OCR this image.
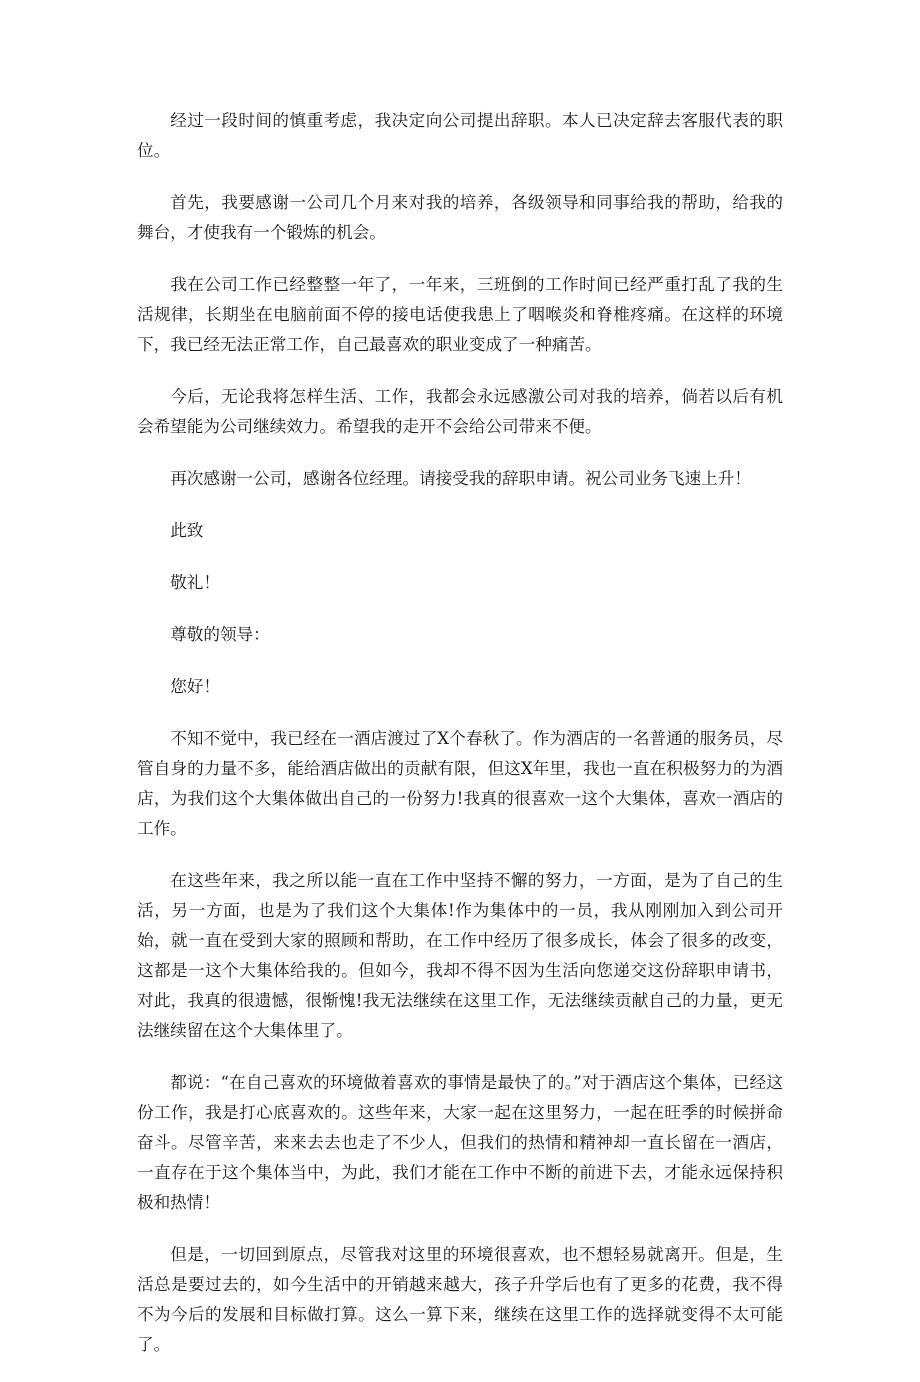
经过一段时间的慎重考虑，我决定向公司提出辞职。本人已决定辞去客服代表的职位。

首先，我要感谢一公司几个月来对我的培养，各级领导和同事给我的帮助，给我的舞台，才使我有一个锻炼的机会。

我在公司工作已经整整一年了，一年来，三班倒的工作时间已经严重打乱了我的生活规律，长期坐在电脑前面不停的接电话使我患上了咽喉炎和脊椎疼痛。在这样的环境下，我已经无法正常工作，自己最喜欢的职业变成了一种痛苦。

今后，无论我将怎样生活、工作，我都会永远感激公司对我的培养，倘若以后有机会希望能为公司继续效力。希望我的走开不会给公司带来不便。

再次感谢一公司，感谢各位经理。请接受我的辞职申请。祝公司业务飞速上升！

此致

敬礼！

尊敬的领导：

您好！

不知不觉中，我已经在一酒店渡过了X个春秋了。作为酒店的一名普通的服务员，尽管自身的力量不多，能给酒店做出的贡献有限，但这X年里，我也一直在积极努力的为酒店，为我们这个大集体做出自己的一份努力!我真的很喜欢一这个大集体，喜欢一酒店的工作。

在这些年来，我之所以能一直在工作中坚持不懈的努力，一方面，是为了自己的生活，另一方面，也是为了我们这个大集体!作为集体中的一员，我从刚刚加入到公司开始，就一直在受到大家的照顾和帮助，在工作中经历了很多成长，体会了很多的改变，这都是一这个大集体给我的。但如今，我却不得不因为生活向您递交这份辞职申请书，对此，我真的很遗憾，很惭愧!我无法继续在这里工作，无法继续贡献自己的力量，更无法继续留在这个大集体里了。

都说：“在自己喜欢的环境做着喜欢的事情是最快了的。”对于酒店这个集体，已经这份工作，我是打心底喜欢的。这些年来，大家一起在这里努力，一起在旺季的时候拼命奋斗。尽管辛苦，来来去去也走了不少人，但我们的热情和精神却一直长留在一酒店，一直存在于这个集体当中，为此，我们才能在工作中不断的前进下去，才能永远保持积极和热情！

但是，一切回到原点，尽管我对这里的环境很喜欢，也不想轻易就离开。但是，生活总是要过去的，如今生活中的开销越来越大，孩子升学后也有了更多的花费，我不得不为今后的发展和目标做打算。这么一算下来，继续在这里工作的选择就变得不太可能了。
